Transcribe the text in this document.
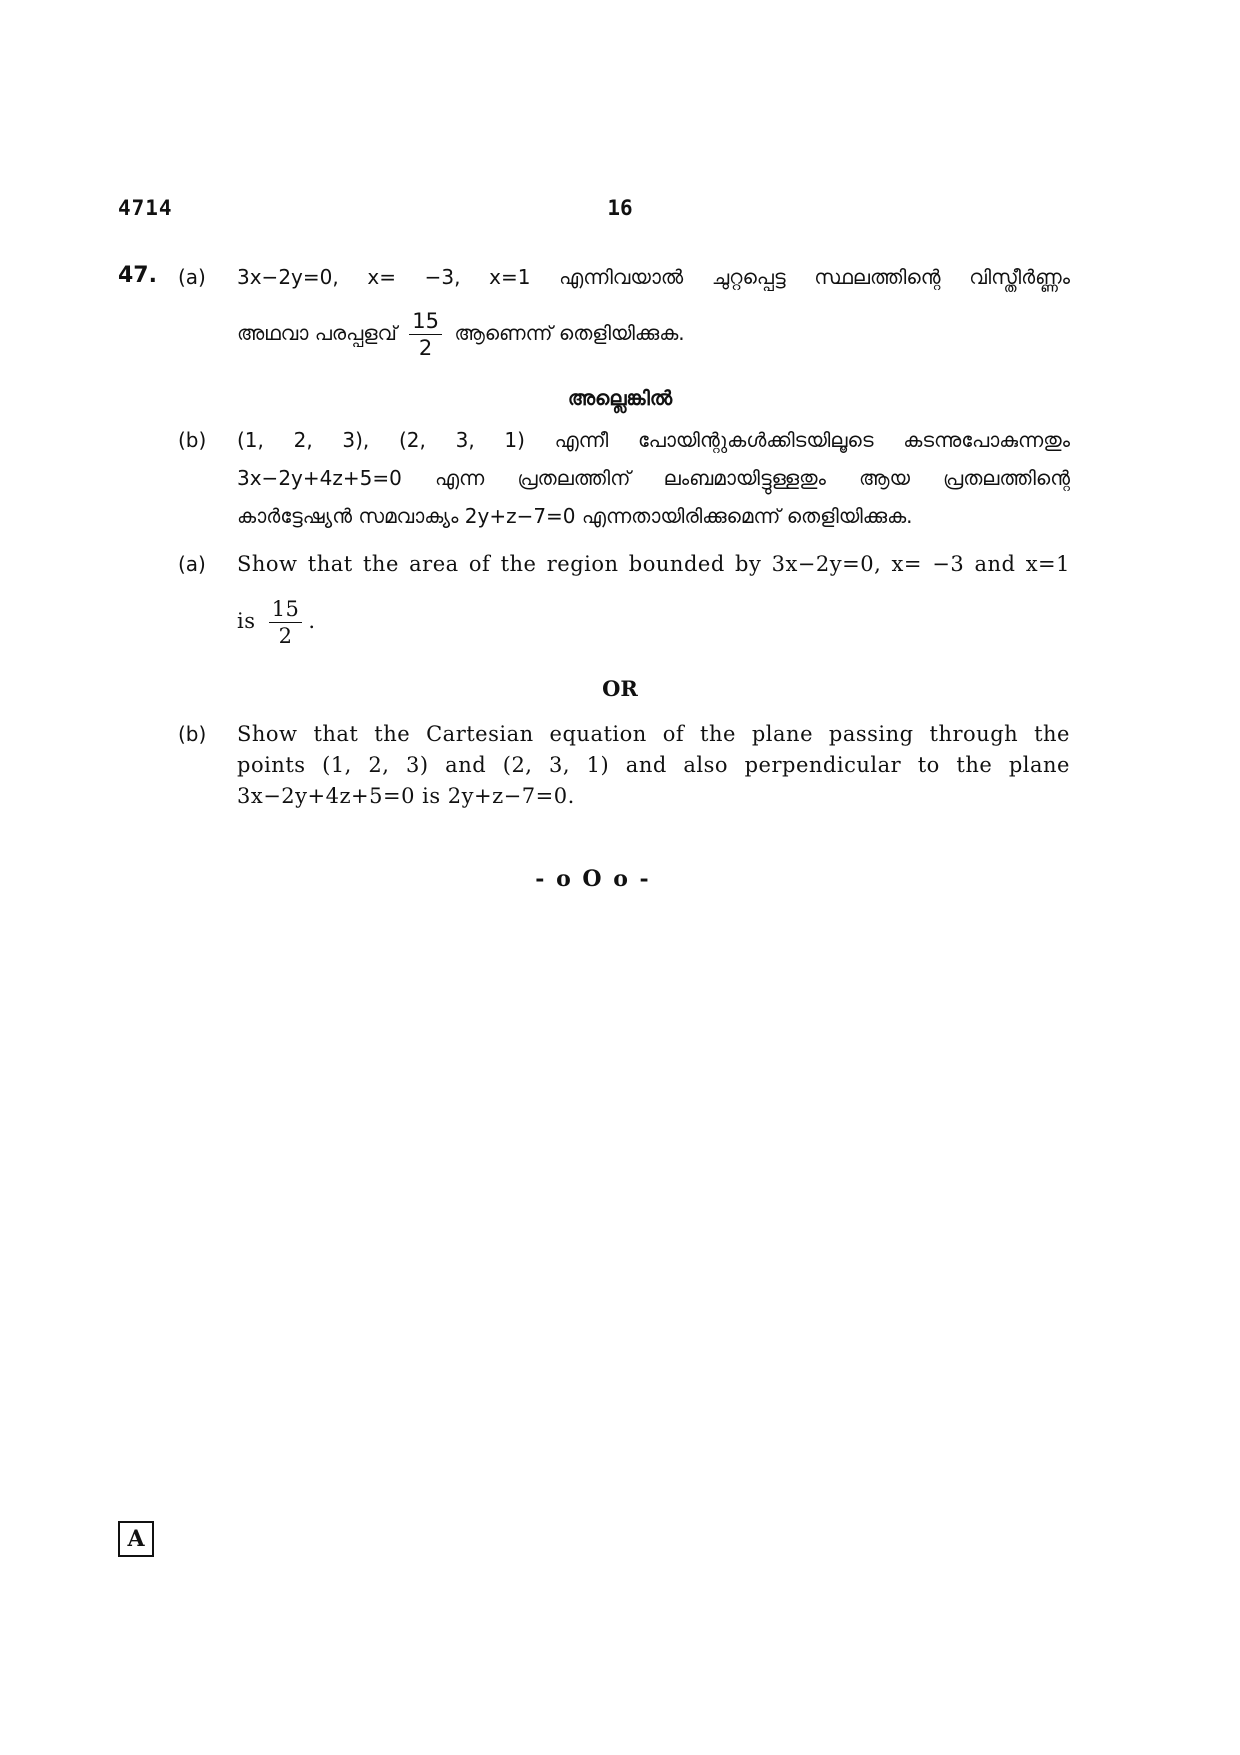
4714	16
47. (a) 3x−2y=0, x= −3, x=1 എന്നിവയാൽ ചുറ്റപ്പെട്ട സ്ഥലത്തിന്റെ വിസ്തീർണ്ണം
അഥവാ പരപ്പളവ് $\frac{15}{2}$ ആണെന്ന് തെളിയിക്കുക.
അല്ലെങ്കിൽ
(b) (1, 2, 3), (2, 3, 1) എന്നീ പോയിന്റുകൾക്കിടയിലൂടെ കടന്നുപോകുന്നതും
3x−2y+4z+5=0 എന്ന പ്രതലത്തിന് ലംബമായിട്ടുള്ളതും ആയ പ്രതലത്തിന്റെ
കാർട്ടേഷ്യൻ സമവാക്യം 2y+z−7=0 എന്നതായിരിക്കുമെന്ന് തെളിയിക്കുക.
(a) Show that the area of the region bounded by 3x−2y=0, x= −3 and x=1
is $\frac{15}{2}$ .
OR
(b) Show that the Cartesian equation of the plane passing through the
points (1, 2, 3) and (2, 3, 1) and also perpendicular to the plane
3x−2y+4z+5=0 is 2y+z−7=0.
- o O o -
A
